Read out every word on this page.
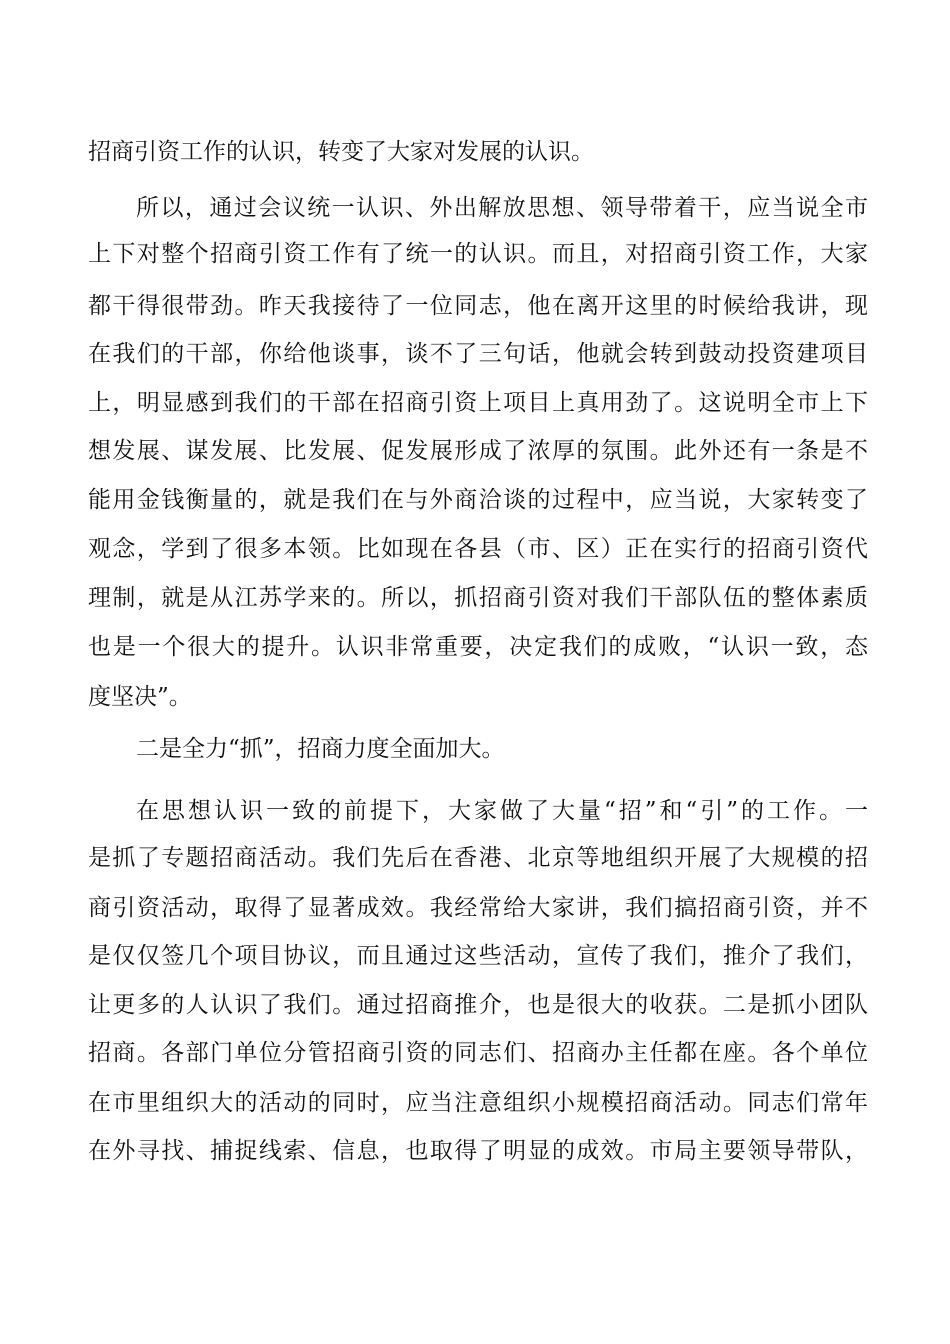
招商引资工作的认识，转变了大家对发展的认识。
所以，通过会议统一认识、外出解放思想、领导带着干，应当说全市
上下对整个招商引资工作有了统一的认识。而且，对招商引资工作，大家
都干得很带劲。昨天我接待了一位同志，他在离开这里的时候给我讲，现
在我们的干部，你给他谈事，谈不了三句话，他就会转到鼓动投资建项目
上，明显感到我们的干部在招商引资上项目上真用劲了。这说明全市上下
想发展、谋发展、比发展、促发展形成了浓厚的氛围。此外还有一条是不
能用金钱衡量的，就是我们在与外商洽谈的过程中，应当说，大家转变了
观念，学到了很多本领。比如现在各县（市、区）正在实行的招商引资代
理制，就是从江苏学来的。所以，抓招商引资对我们干部队伍的整体素质
也是一个很大的提升。认识非常重要，决定我们的成败，“认识一致，态
度坚决”。
二是全力“抓”，招商力度全面加大。
在思想认识一致的前提下，大家做了大量“招”和“引”的工作。一
是抓了专题招商活动。我们先后在香港、北京等地组织开展了大规模的招
商引资活动，取得了显著成效。我经常给大家讲，我们搞招商引资，并不
是仅仅签几个项目协议，而且通过这些活动，宣传了我们，推介了我们，
让更多的人认识了我们。通过招商推介，也是很大的收获。二是抓小团队
招商。各部门单位分管招商引资的同志们、招商办主任都在座。各个单位
在市里组织大的活动的同时，应当注意组织小规模招商活动。同志们常年
在外寻找、捕捉线索、信息，也取得了明显的成效。市局主要领导带队，
